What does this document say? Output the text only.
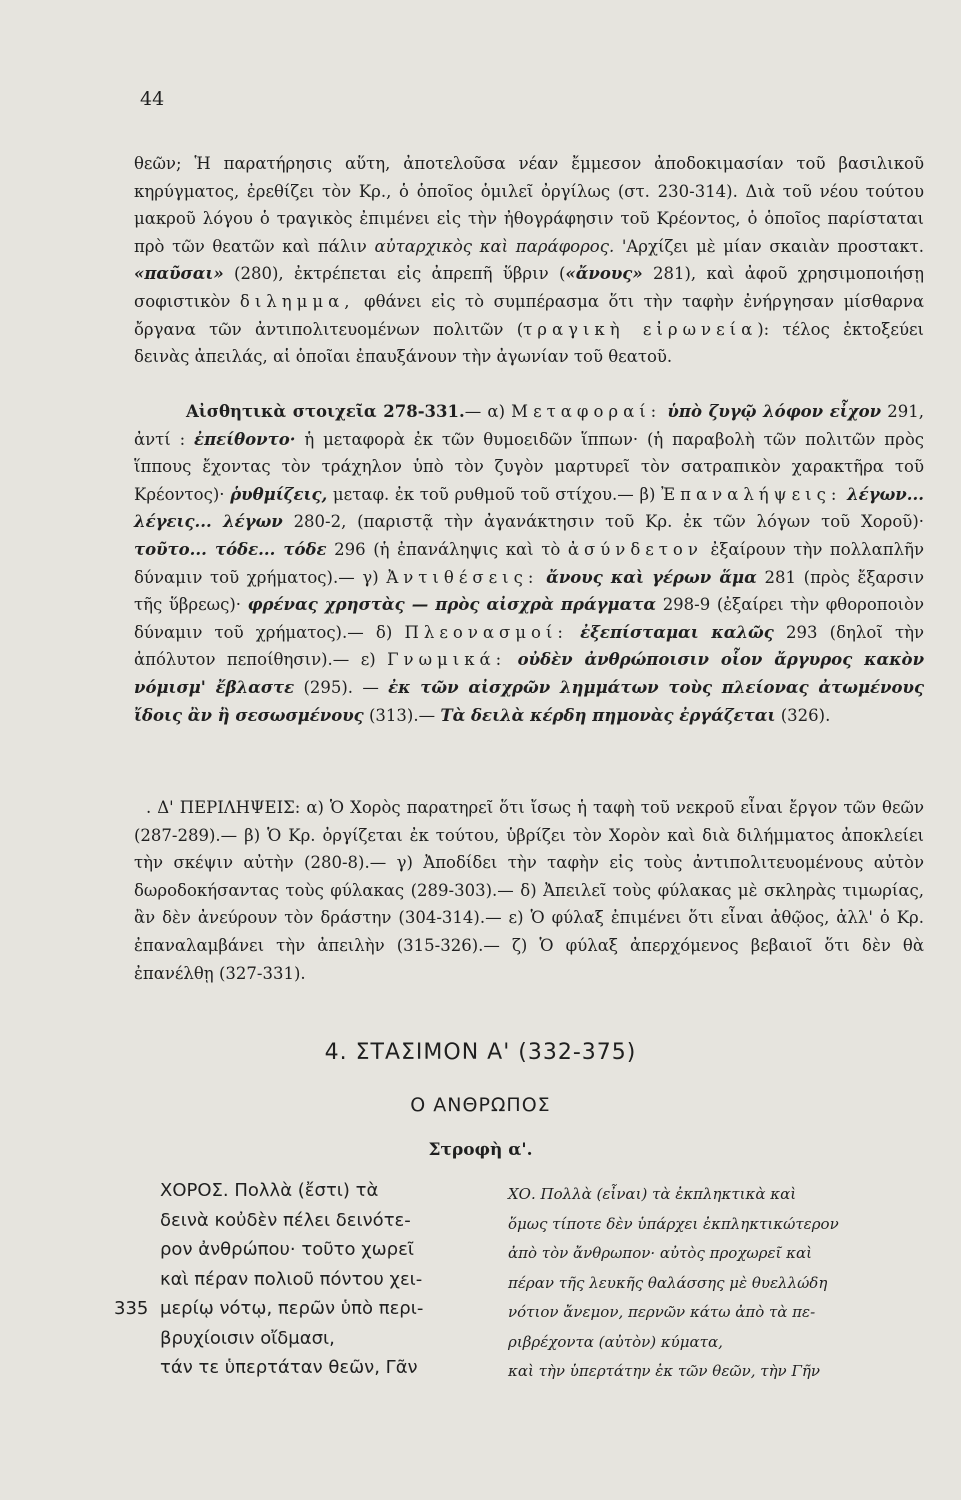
44
θεῶν; Ἡ παρατήρησις αὕτη, ἀποτελοῦσα νέαν ἔμμεσον ἀποδοκιμασίαν τοῦ βασιλικοῦ κηρύγματος, ἐρεθίζει τὸν Κρ., ὁ ὁποῖος ὁμιλεῖ ὀργίλως (στ. 230-314). Διὰ τοῦ νέου τούτου μακροῦ λόγου ὁ τραγικὸς ἐπιμένει εἰς τὴν ἠθογράφησιν τοῦ Κρέοντος, ὁ ὁποῖος παρίσταται πρὸ τῶν θεατῶν καὶ πάλιν αὐταρχικὸς καὶ παράφορος. 'Αρχίζει μὲ μίαν σκαιὰν προστακτ. «παῦσαι» (280), ἐκτρέπεται εἰς ἀπρεπῆ ὕβριν («ἄνους» 281), καὶ ἀφοῦ χρησιμοποιήσῃ σοφιστικὸν διλημμα, φθάνει εἰς τὸ συμπέρασμα ὅτι τὴν ταφὴν ἐνήργησαν μίσθαρνα ὄργανα τῶν ἀντιπολιτευομένων πολιτῶν (τραγικὴ εἰρωνεία): τέλος ἐκτοξεύει δεινὰς ἀπειλάς, αἱ ὁποῖαι ἐπαυξάνουν τὴν ἀγωνίαν τοῦ θεατοῦ.
Αἰσθητικὰ στοιχεῖα 278-331.— α) Μεταφοραί: ὑπὸ ζυγῷ λόφον εἶχον 291, ἀντί : ἐπείθοντο· ἡ μεταφορὰ ἐκ τῶν θυμοειδῶν ἵππων· (ἡ παραβολὴ τῶν πολιτῶν πρὸς ἵππους ἔχοντας τὸν τράχηλον ὑπὸ τὸν ζυγὸν μαρτυρεῖ τὸν σατραπικὸν χαρακτῆρα τοῦ Κρέοντος)· ῥυθμίζεις, μεταφ. ἐκ τοῦ ρυθμοῦ τοῦ στίχου.— β) Ἐπαναλήψεις: λέγων... λέγεις... λέγων 280-2, (παριστᾷ τὴν ἀγανάκτησιν τοῦ Κρ. ἐκ τῶν λόγων τοῦ Χοροῦ)· τοῦτο... τόδε... τόδε 296 (ἡ ἐπανάληψις καὶ τὸ ἀσύνδετον ἐξαίρουν τὴν πολλαπλῆν δύναμιν τοῦ χρήματος).— γ) Ἀντιθέσεις: ἄνους καὶ γέρων ἅμα 281 (πρὸς ἔξαρσιν τῆς ὕβρεως)· φρένας χρηστὰς — πρὸς αἰσχρὰ πράγματα 298-9 (ἐξαίρει τὴν φθοροποιὸν δύναμιν τοῦ χρήματος).— δ) Πλεονασμοί: ἐξεπίσταμαι καλῶς 293 (δηλοῖ τὴν ἀπόλυτον πεποίθησιν).— ε) Γνωμικά: οὐδὲν ἀνθρώποισιν οἷον ἄργυρος κακὸν νόμισμ' ἔβλαστε (295). — ἐκ τῶν αἰσχρῶν λημμάτων τοὺς πλείονας ἀτωμένους ἴδοις ἂν ἢ σεσωσμένους (313).— Τὰ δειλὰ κέρδη πημονὰς ἐργάζεται (326).
. Δ' ΠΕΡΙΛΗΨΕΙΣ: α) Ὁ Χορὸς παρατηρεῖ ὅτι ἴσως ἡ ταφὴ τοῦ νεκροῦ εἶναι ἔργον τῶν θεῶν (287-289).— β) Ὁ Κρ. ὀργίζεται ἐκ τούτου, ὑβρίζει τὸν Χορὸν καὶ διὰ διλήμματος ἀποκλείει τὴν σκέψιν αὐτὴν (280-8).— γ) Ἀποδίδει τὴν ταφὴν εἰς τοὺς ἀντιπολιτευομένους αὐτὸν δωροδοκήσαντας τοὺς φύλακας (289-303).— δ) Ἀπειλεῖ τοὺς φύλακας μὲ σκληρὰς τιμωρίας, ἂν δὲν ἀνεύρουν τὸν δράστην (304-314).— ε) Ὁ φύλαξ ἐπιμένει ὅτι εἶναι ἀθῷος, ἀλλ' ὁ Κρ. ἐπαναλαμβάνει τὴν ἀπειλὴν (315-326).— ζ) Ὁ φύλαξ ἀπερχόμενος βεβαιοῖ ὅτι δὲν θὰ ἐπανέλθῃ (327-331).
4. ΣΤΑΣΙΜΟΝ Α' (332-375)
Ο ΑΝΘΡΩΠΟΣ
Στροφὴ α'.
ΧΟΡΟΣ. Πολλὰ (ἔστι) τὰ
δεινὰ κοὐδὲν πέλει δεινότε-
ρον ἀνθρώπου· τοῦτο χωρεῖ
καὶ πέραν πολιοῦ πόντου χει-
335 μερίῳ νότῳ, περῶν ὑπὸ περι-
βρυχίοισιν οἴδμασι,
τάν τε ὑπερτάταν θεῶν, Γᾶν
ΧΟ. Πολλὰ (εἶναι) τὰ ἐκπληκτικὰ καὶ
ὅμως τίποτε δὲν ὑπάρχει ἐκπληκτικώτερον
ἀπὸ τὸν ἄνθρωπον· αὐτὸς προχωρεῖ καὶ
πέραν τῆς λευκῆς θαλάσσης μὲ θυελλώδη
νότιον ἄνεμον, περνῶν κάτω ἀπὸ τὰ πε-
ριβρέχοντα (αὐτὸν) κύματα,
καὶ τὴν ὑπερτάτην ἐκ τῶν θεῶν, τὴν Γῆν
